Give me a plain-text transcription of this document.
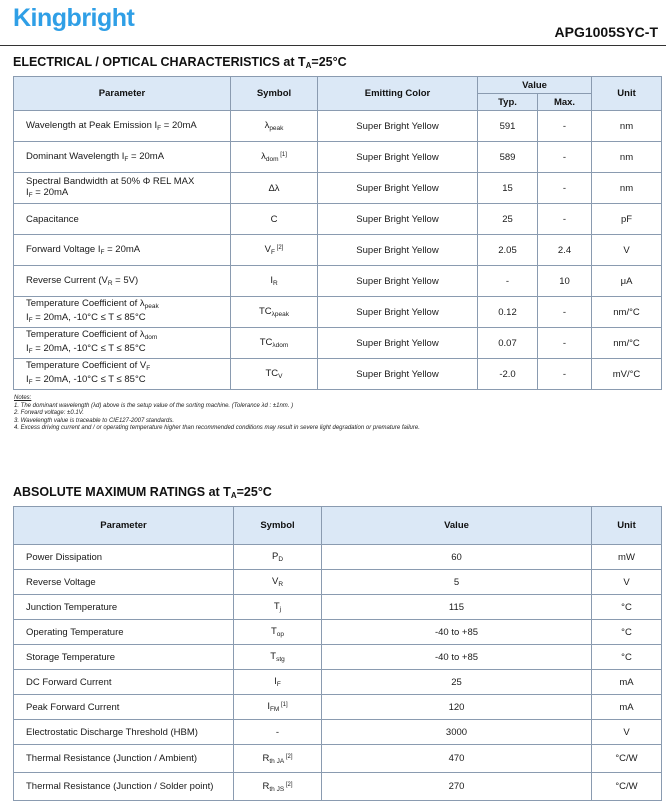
Kingbright	APG1005SYC-T
ELECTRICAL / OPTICAL CHARACTERISTICS at $T_A=25^\circ C$
Parameter	Symbol	Emitting Color	Value		Unit
			Typ.	Max.	

Wavelength at Peak Emission $I_F = 20mA$	$\lambda_{peak}$	Super Bright Yellow	591	-	nm

Dominant Wavelength $I_F = 20mA$	$\lambda_{dom}$ [1]	Super Bright Yellow	589	-	nm

Spectral Bandwidth at 50% Φ REL MAX
$I_F = 20mA$	Δλ	Super Bright Yellow	15	-	nm

Capacitance	C	Super Bright Yellow	25	-	pF

Forward Voltage $I_F = 20mA$	$V_F$ [2]	Super Bright Yellow	2.05	2.4	V

Reverse Current $(V_R = 5V)$	$I_R$	Super Bright Yellow	-	10	μA

Temperature Coefficient of $\lambda_{peak}$
$I_F = 20mA$, -10°C ≤ T ≤ 85°C	$TC_{\lambda peak}$	Super Bright Yellow	0.12	-	nm/°C

Temperature Coefficient of $\lambda_{dom}$
$I_F = 20mA$, -10°C ≤ T ≤ 85°C	$TC_{\lambda dom}$	Super Bright Yellow	0.07	-	nm/°C

Temperature Coefficient of $V_F$
$I_F = 20mA$, -10°C ≤ T ≤ 85°C	$TC_V$	Super Bright Yellow	-2.0	-	mV/°C
Notes:
1. The dominant wavelength (λd) above is the setup value of the sorting machine. (Tolerance λd : ±1nm. )
2. Forward voltage: ±0.1V.
3. Wavelength value is traceable to CIE127-2007 standards.
4. Excess driving current and / or operating temperature higher than recommended conditions may result in severe light degradation or premature failure.
ABSOLUTE MAXIMUM RATINGS at $T_A=25^\circ C$
Parameter	Symbol	Value	Unit
Power Dissipation	$P_D$	60	mW
Reverse Voltage	$V_R$	5	V
Junction Temperature	$T_j$	115	°C
Operating Temperature	$T_{op}$	-40 to +85	°C
Storage Temperature	$T_{stg}$	-40 to +85	°C
DC Forward Current	$I_F$	25	mA
Peak Forward Current	$I_{FM}$ [1]	120	mA
Electrostatic Discharge Threshold (HBM)	-	3000	V
Thermal Resistance (Junction / Ambient)	$R_{th JA}$ [2]	470	°C/W
Thermal Resistance (Junction / Solder point)	$R_{th JS}$ [2]	270	°C/W
